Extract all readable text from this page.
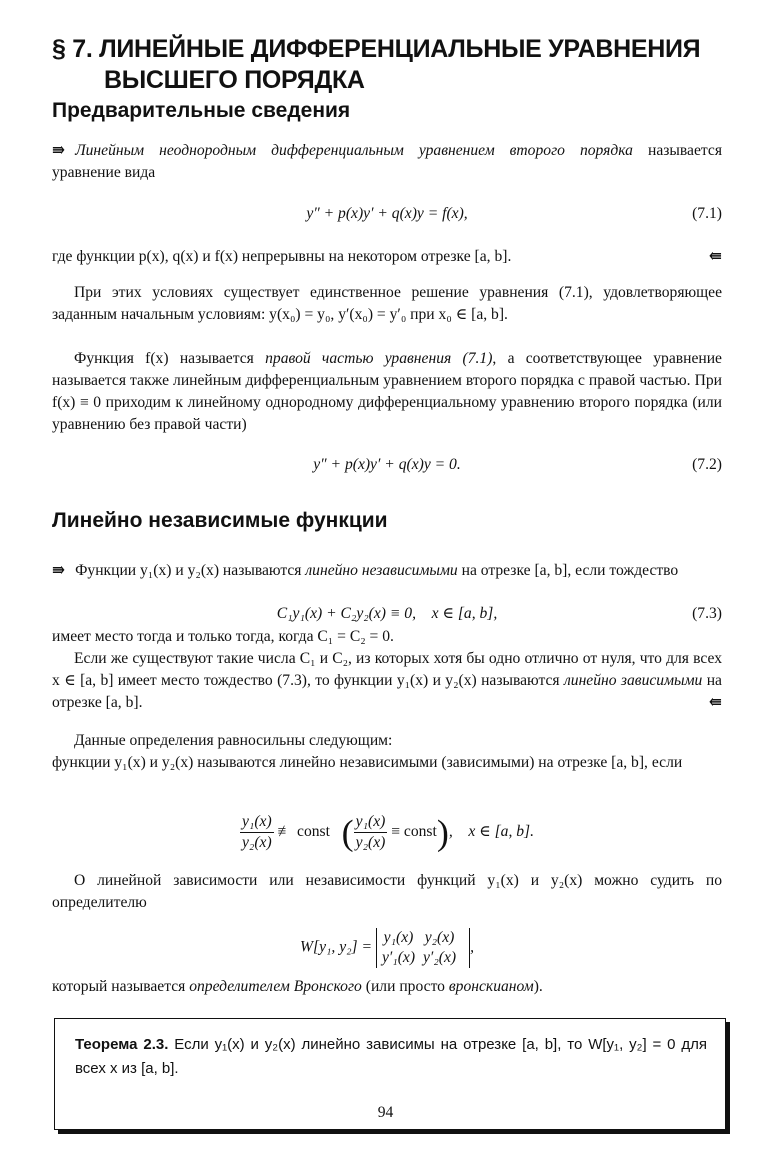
§ 7. ЛИНЕЙНЫЕ ДИФФЕРЕНЦИАЛЬНЫЕ УРАВНЕНИЯ
ВЫСШЕГО ПОРЯДКА
Предварительные сведения
⇛ Линейным неоднородным дифференциальным уравнением второго порядка называется уравнение вида
y″ + p(x)y′ + q(x)y = f(x),	(7.1)
где функции p(x), q(x) и f(x) непрерывны на некотором отрезке [a, b].	⇚
При этих условиях существует единственное решение уравнения (7.1), удовлетворяющее заданным начальным условиям: y(x₀) = y₀, y′(x₀) = y′₀ при x₀ ∈ [a, b].
Функция f(x) называется правой частью уравнения (7.1), а соответствующее уравнение называется также линейным дифференциальным уравнением второго порядка с правой частью. При f(x) ≡ 0 приходим к линейному однородному дифференциальному уравнению второго порядка (или уравнению без правой части)
y″ + p(x)y′ + q(x)y = 0.	(7.2)
Линейно независимые функции
⇛ Функции y₁(x) и y₂(x) называются линейно независимыми на отрезке [a, b], если тождество
C₁y₁(x) + C₂y₂(x) ≡ 0,    x ∈ [a, b],	(7.3)
имеет место тогда и только тогда, когда C₁ = C₂ = 0.
Если же существуют такие числа C₁ и C₂, из которых хотя бы одно отлично от нуля, что для всех x ∈ [a, b] имеет место тождество (7.3), то функции y₁(x) и y₂(x) называются линейно зависимыми на отрезке [a, b].	⇚
Данные определения равносильны следующим:
функции y₁(x) и y₂(x) называются линейно независимыми (зависимыми) на отрезке [a, b], если
$\frac{\text{y₁(x)}}{\text{y₂(x)}}$ ≢ const ( $\frac{\text{y₁(x)}}{\text{y₂(x)}}$ ≡ const),    x ∈ [a, b].
О линейной зависимости или независимости функций y₁(x) и y₂(x) можно судить по определителю
W[y₁, y₂] =
y₁(x)	y₂(x)
y′₁(x)	y′₂(x)
,
который называется определителем Вронского (или просто вронскианом).
Теорема 2.3. Если y₁(x) и y₂(x) линейно зависимы на отрезке [a, b], то W[y₁, y₂] = 0 для всех x из [a, b].
94
